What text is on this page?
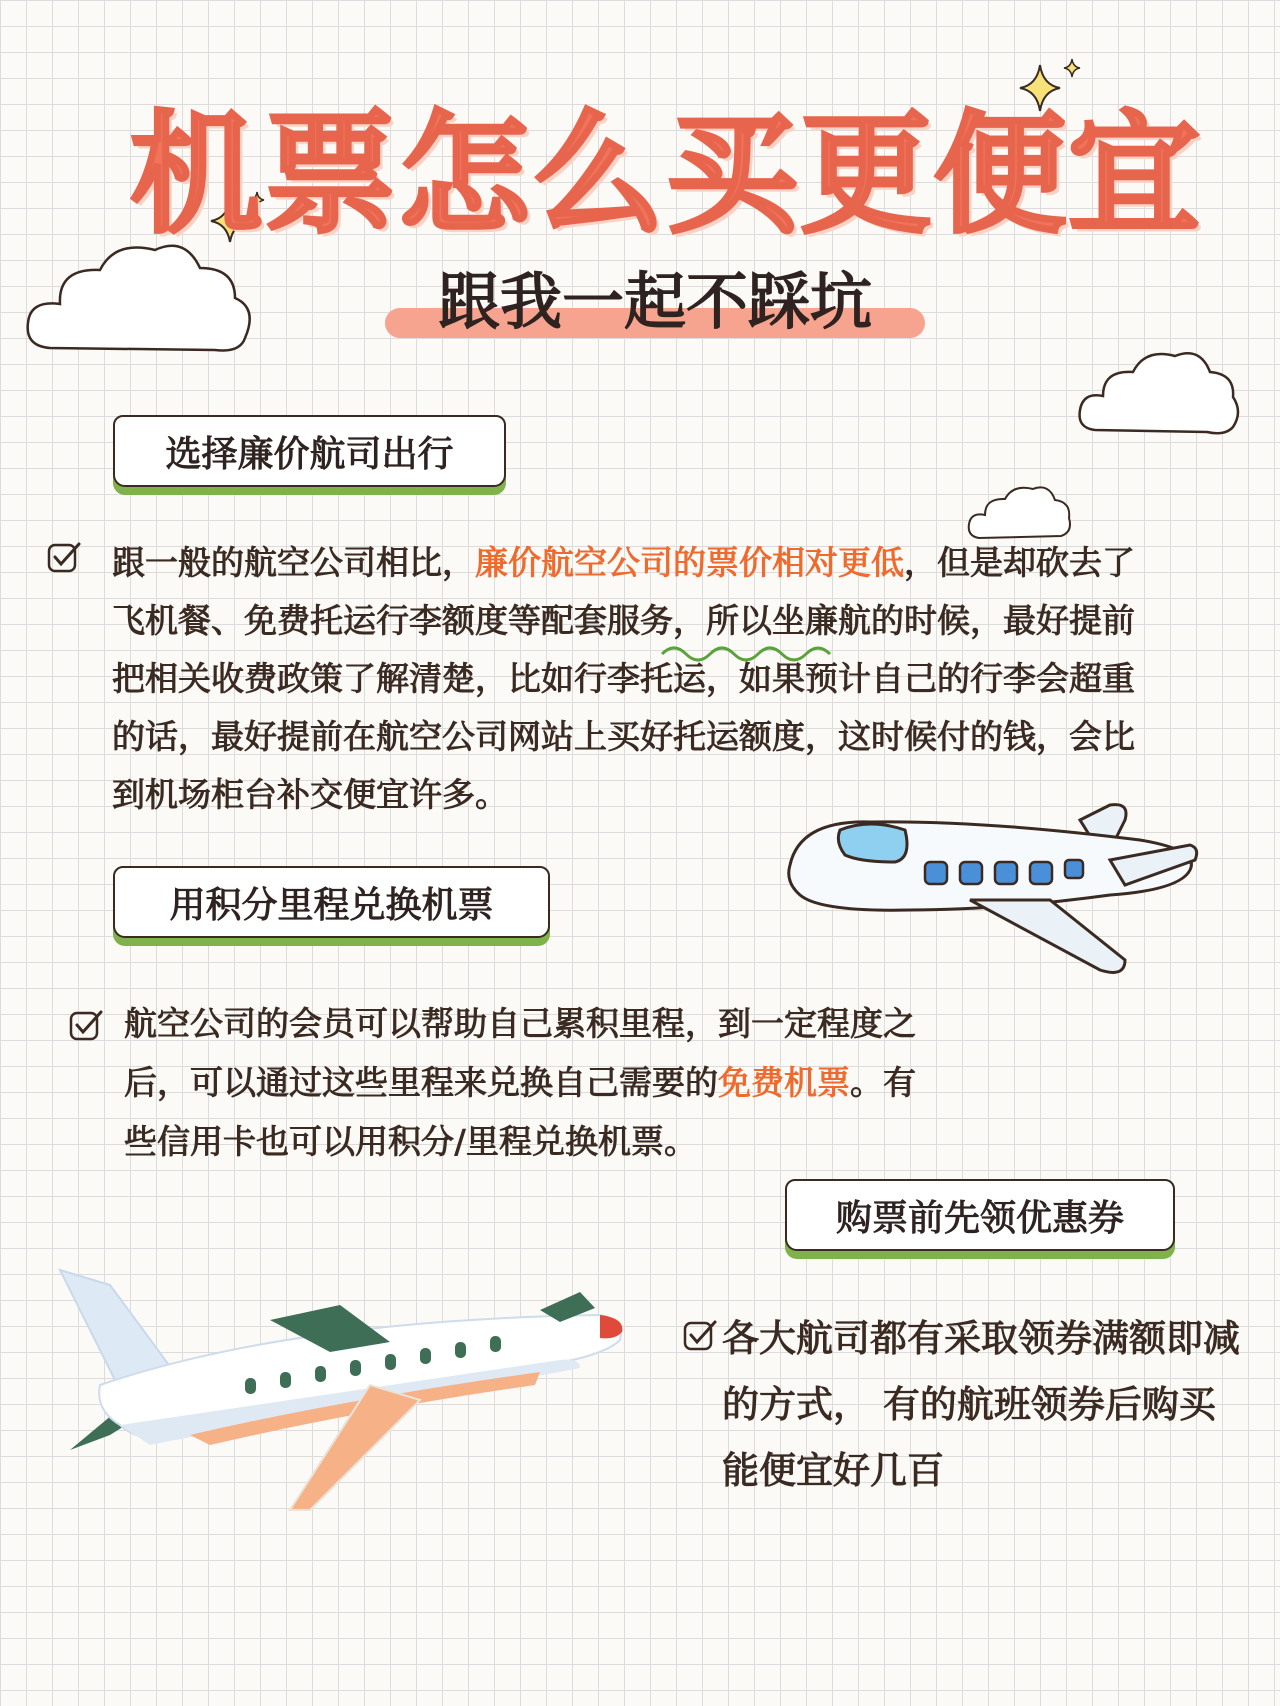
机票怎么买更便宜
跟我一起不踩坑
选择廉价航司出行
跟一般的航空公司相比，廉价航空公司的票价相对更低，但是却砍去了飞机餐、免费托运行李额度等配套服务，所以坐廉航的时候，最好提前把相关收费政策了解清楚，比如行李托运，如果预计自己的行李会超重的话，最好提前在航空公司网站上买好托运额度，这时候付的钱，会比到机场柜台补交便宜许多。
用积分里程兑换机票
航空公司的会员可以帮助自己累积里程，到一定程度之后，可以通过这些里程来兑换自己需要的免费机票。有些信用卡也可以用积分/里程兑换机票。
购票前先领优惠券
各大航司都有采取领券满额即减的方式， 有的航班领券后购买能便宜好几百
